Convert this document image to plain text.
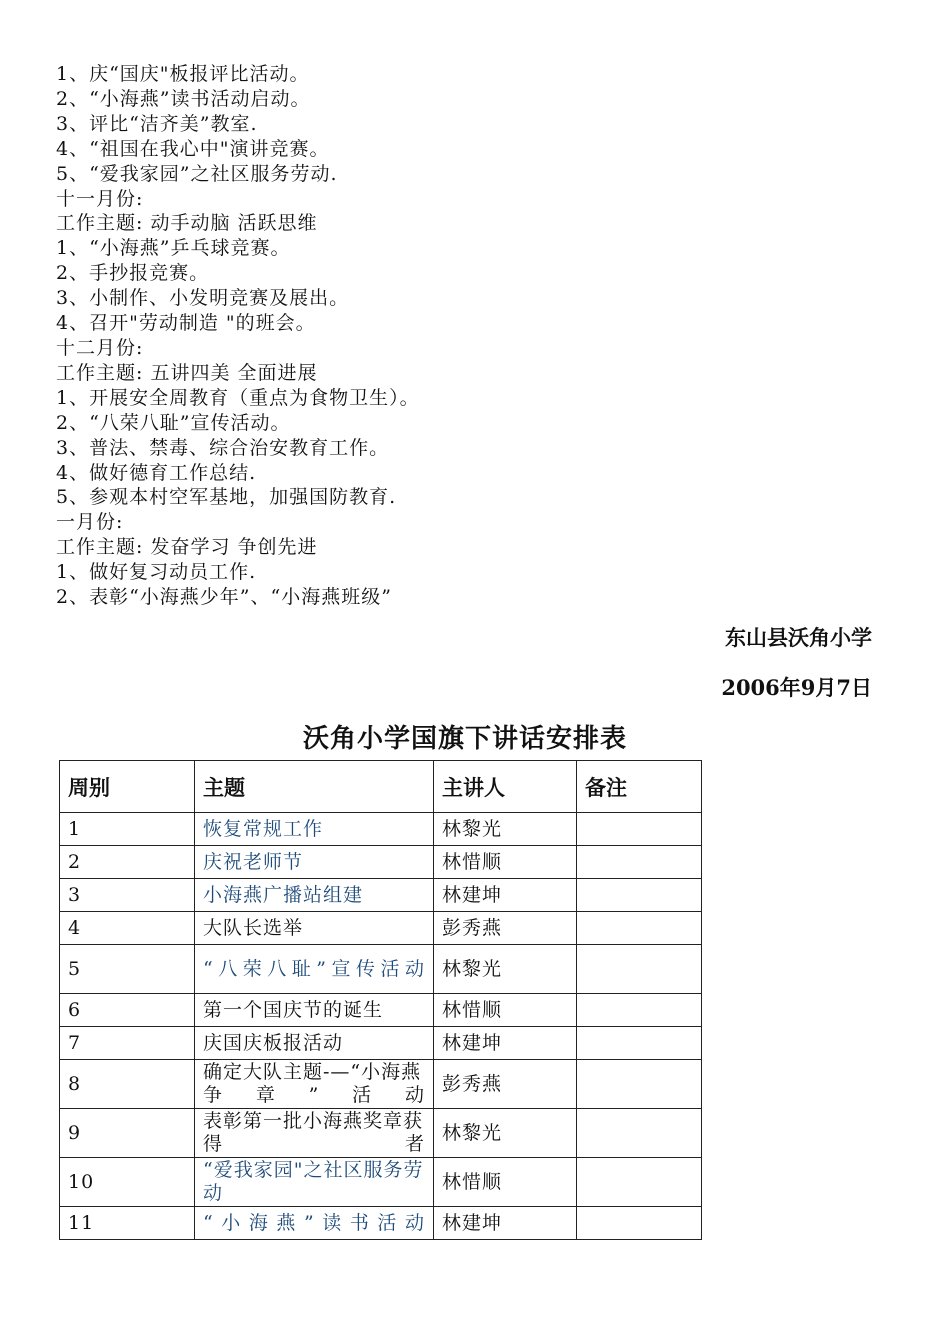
1、庆“国庆"板报评比活动。
2、“小海燕”读书活动启动。
3、评比“洁齐美”教室.
4、“祖国在我心中"演讲竞赛。
5、“爱我家园”之社区服务劳动.
十一月份:
工作主题: 动手动脑 活跃思维
1、“小海燕”乒乓球竞赛。
2、手抄报竞赛。
3、小制作、小发明竞赛及展出。
4、召开"劳动制造 "的班会。
十二月份:
工作主题: 五讲四美 全面进展
1、开展安全周教育（重点为食物卫生）。
2、“八荣八耻”宣传活动。
3、普法、禁毒、综合治安教育工作。
4、做好德育工作总结.
5、参观本村空军基地，加强国防教育.
一月份:
工作主题: 发奋学习 争创先进
1、做好复习动员工作.
2、表彰“小海燕少年”、“小海燕班级”
东山县沃角小学
2006年9月7日
沃角小学国旗下讲话安排表
周别	主题	主讲人	备注
1	恢复常规工作	林黎光	
2	庆祝老师节	林惜顺	
3	小海燕广播站组建	林建坤	
4	大队长选举	彭秀燕	
5	“八荣八耻”宣传活动	林黎光	
6	第一个国庆节的诞生	林惜顺	
7	庆国庆板报活动	林建坤	
8	确定大队主题-—“小海燕争章”活动	彭秀燕	
9	表彰第一批小海燕奖章获得者	林黎光	
10	“爱我家园"之社区服务劳动	林惜顺	
11	“小海燕”读书活动	林建坤	
